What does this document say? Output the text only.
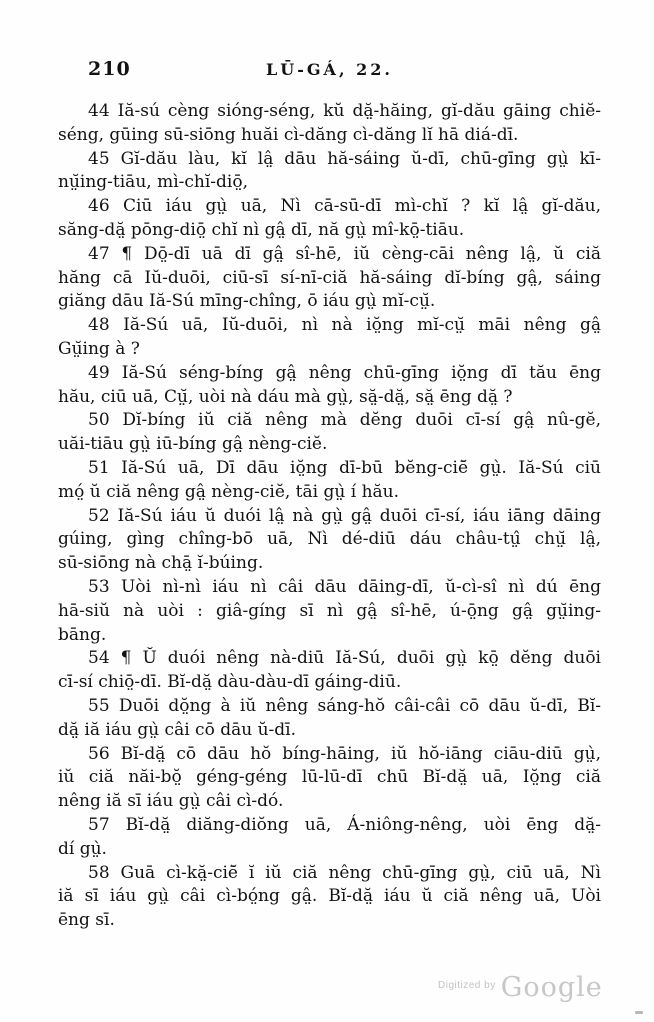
210	LŪ-GÁ, 22.
44 Iă-sú cèng sióng-séng, kŭ dă̤-hăing, gĭ-dău gāing chiĕ-
séng, gūing sū-siōng huăi cì-dăng cì-dăng lĭ hā diá-dī.
45 Gĭ-dău làu, kĭ lâ̤ dāu hă-sáing ŭ-dī, chū-gīng gṳ̀ kī-
nṳ̆ing-tiāu, mì-chĭ-diō̤,
46 Ciū iáu gṳ̀ uā, Nì cā-sū-dī mì-chĭ ? kĭ lâ̤ gĭ-dău,
săng-dă̤ pōng-diō̤ chĭ nì gâ̤ dī, nă gṳ̀ mî-kō̤-tiāu.
47 ¶ Dō̤-dī uā dī gâ̤ sî-hē, iŭ cèng-cāi nêng lâ̤, ŭ ciă
hăng cā Iŭ-duōi, ciū-sī sí-nī-ciă hă-sáing dĭ-bíng gâ̤, sáing
giăng dāu Iă-Sú mīng-chîng, ō iáu gṳ̀ mĭ-cṳ̆.
48 Iă-Sú uā, Iŭ-duōi, nì nà iŏ̤ng mĭ-cṳ̆ māi nêng gâ̤
Gṳ̆ing à ?
49 Iă-Sú séng-bíng gâ̤ nêng chū-gīng iŏ̤ng dī tău ēng
hău, ciū uā, Cṳ̆, uòi nà dáu mà gṳ̀, să̤-dă̤, să̤ ēng dă̤ ?
50 Dĭ-bíng iŭ ciă nêng mà dĕng duōi cī-sí gâ̤ nû-gĕ,
uăi-tiāu gṳ̀ iū-bíng gâ̤ nèng-ciĕ.
51 Iă-Sú uā, Dī dāu iŏ̤ng dī-bū bĕng-ciē̆ gṳ̀. Iă-Sú ciū
mó̤ ŭ ciă nêng gâ̤ nèng-ciĕ, tāi gṳ̀ í hău.
52 Iă-Sú iáu ŭ duói lâ̤ nà gṳ̀ gâ̤ duōi cī-sí, iáu iāng dāing
gúing, gìng chîng-bō uā, Nì dé-diū dáu châu-tṳ̂ chṳ̆ lâ̤,
sū-siōng nà chā̤ ĭ-búing.
53 Uòi nì-nì iáu nì câi dāu dāing-dī, ŭ-cì-sî nì dú ēng
hā-siŭ nà uòi : giâ-gíng sī nì gâ̤ sî-hē, ú-ō̤ng gâ̤ gṳ̆ing-
bāng.
54 ¶ Ŭ duói nêng nà-diū Iă-Sú, duōi gṳ̀ kō̤ dĕng duōi
cī-sí chiō̤-dī. Bĭ-dă̤ dàu-dàu-dī gáing-diū.
55 Duōi dŏ̤ng à iŭ nêng sáng-hŏ câi-câi cō dāu ŭ-dī, Bĭ-
dă̤ iă iáu gṳ̀ câi cō dāu ŭ-dī.
56 Bĭ-dă̤ cō dāu hŏ bíng-hāing, iŭ hŏ-iāng ciāu-diū gṳ̀,
iŭ ciă năi-bŏ̤ géng-géng lū-lū-dī chū Bĭ-dă̤ uā, Iŏ̤ng ciă
nêng iă sī iáu gṳ̀ câi cì-dó.
57 Bĭ-dă̤ diăng-diŏng uā, Á-niông-nêng, uòi ēng dă̤-
dí gṳ̀.
58 Guā cì-kă̤-ciē̆ ĭ iŭ ciă nêng chū-gīng gṳ̀, ciū uā, Nì
iă sī iáu gṳ̀ câi cì-bó̤ng gâ̤. Bĭ-dă̤ iáu ŭ ciă nêng uā, Uòi
ēng sī.
$^{Digitized by}$ Google
